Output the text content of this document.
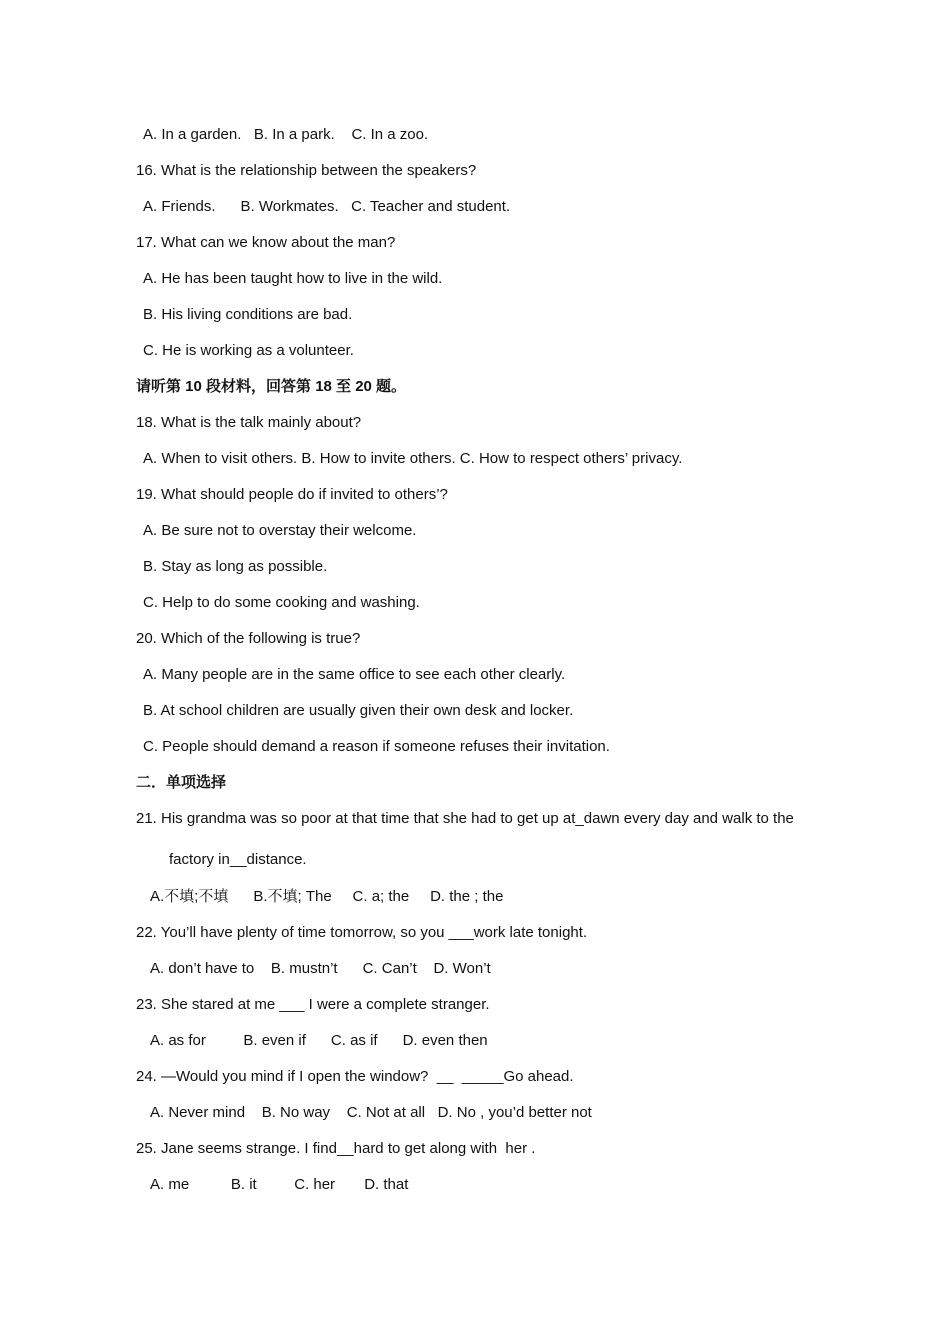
A. In a garden.   B. In a park.    C. In a zoo.
16. What is the relationship between the speakers?
A. Friends.      B. Workmates.   C. Teacher and student.
17. What can we know about the man?
A. He has been taught how to live in the wild.
B. His living conditions are bad.
C. He is working as a volunteer.
请听第 10 段材料，回答第 18 至 20 题。
18. What is the talk mainly about?
A. When to visit others. B. How to invite others. C. How to respect others’ privacy.
19. What should people do if invited to others’?
A. Be sure not to overstay their welcome.
B. Stay as long as possible.
C. Help to do some cooking and washing.
20. Which of the following is true?
A. Many people are in the same office to see each other clearly.
B. At school children are usually given their own desk and locker.
C. People should demand a reason if someone refuses their invitation.
二．单项选择
21. His grandma was so poor at that time that she had to get up at_dawn every day and walk to the
factory in__distance.
A.不填;不填      B.不填; The     C. a; the     D. the ; the
22. You’ll have plenty of time tomorrow, so you ___work late tonight.
A. don’t have to    B. mustn’t      C. Can’t    D. Won’t
23. She stared at me ___ I were a complete stranger.
A. as for         B. even if      C. as if      D. even then
24. —Would you mind if I open the window?  __  _____Go ahead.
A. Never mind    B. No way    C. Not at all   D. No , you’d better not
25. Jane seems strange. I find__hard to get along with  her .
A. me          B. it         C. her       D. that
